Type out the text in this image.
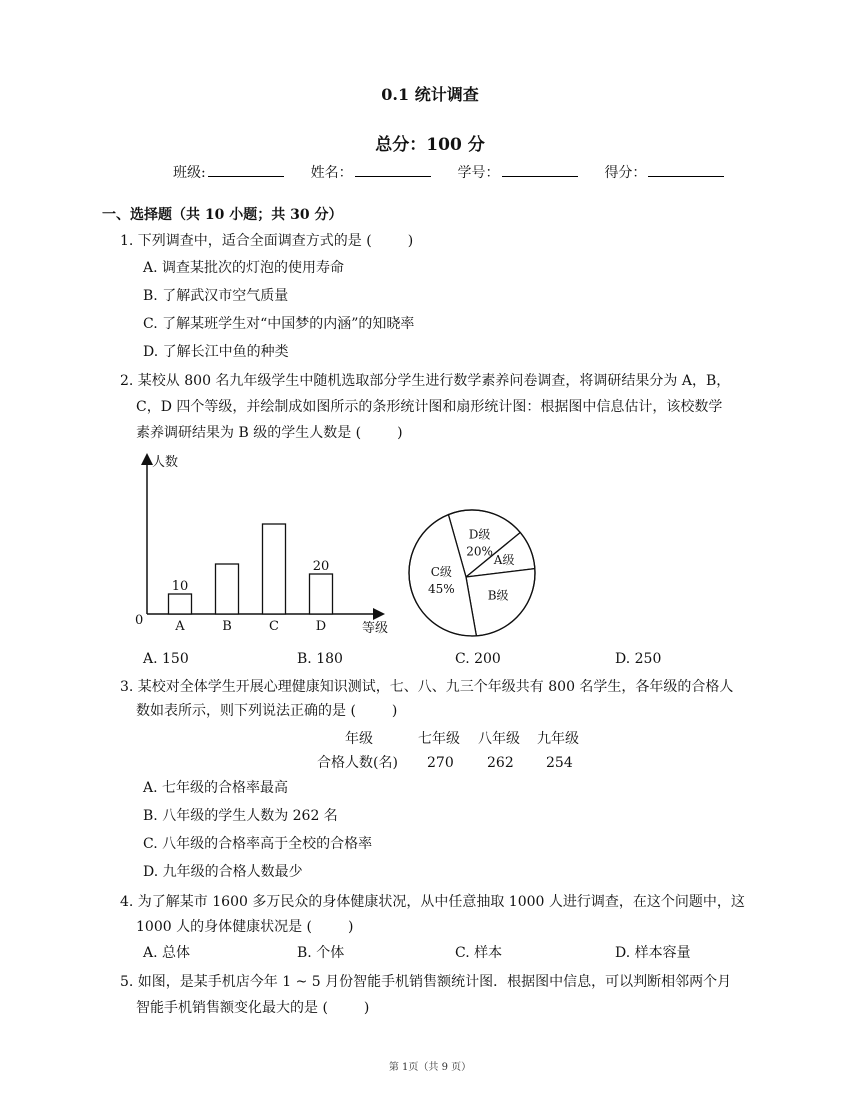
0.1 统计调查
总分：100 分
班级:	姓名：	学号：	得分：
一、选择题（共 10 小题；共 30 分）
1. 下列调查中，适合全面调查方式的是 (	)
A. 调查某批次的灯泡的使用寿命
B. 了解武汉市空气质量
C. 了解某班学生对“中国梦的内涵”的知晓率
D. 了解长江中鱼的种类
2. 某校从 800 名九年级学生中随机选取部分学生进行数学素养问卷调查，将调研结果分为 A，B，
C，D 四个等级，并绘制成如图所示的条形统计图和扇形统计图：根据图中信息估计，该校数学
素养调研结果为 B 级的学生人数是 (	)
人数
等级
0 A
10
B	C	D
20
D级
20%
A级
B级
C级
45%
A. 150	B. 180	C. 200	D. 250
3. 某校对全体学生开展心理健康知识测试，七、八、九三个年级共有 800 名学生，各年级的合格人
数如表所示，则下列说法正确的是 (	)
年级	七年级 八年级 九年级
合格人数(名) 270 262 254
A. 七年级的合格率最高
B. 八年级的学生人数为 262 名
C. 八年级的合格率高于全校的合格率
D. 九年级的合格人数最少
4. 为了解某市 1600 多万民众的身体健康状况，从中任意抽取 1000 人进行调查，在这个问题中，这
1000 人的身体健康状况是 (	)
A. 总体	B. 个体	C. 样本	D. 样本容量
5. 如图，是某手机店今年 1 ~ 5 月份智能手机销售额统计图．根据图中信息，可以判断相邻两个月
智能手机销售额变化最大的是 (	)
第 1页（共 9 页）
